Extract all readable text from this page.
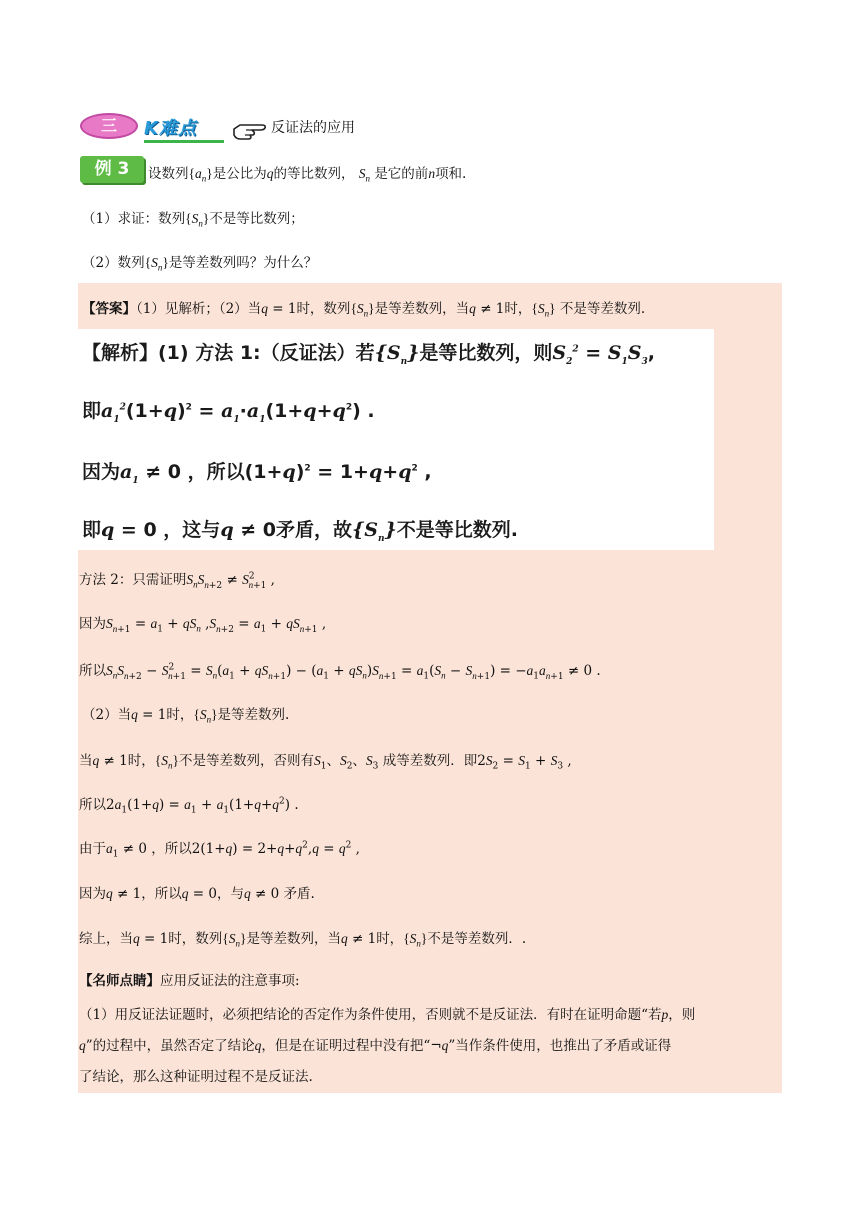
三	K难点	反证法的应用
例 3	设数列$\{a_n\}$是公比为q的等比数列， $S_n$ 是它的前n项和.
（1）求证：数列$\{S_n\}$不是等比数列；
（2）数列$\{S_n\}$是等差数列吗？为什么？
【答案】（1）见解析；（2）当q = 1时，数列$\{S_n\}$是等差数列，当q ≠ 1时，$\{S_n\}$ 不是等差数列.
【解析】(1) 方法 1:（反证法）若$\{S_n\}$是等比数列，则$S_2^2 = S_1S_3$,
即$a_1^2(1+q)^2 = a_1\cdot a_1(1+q+q^2)$ .
因为$a_1 \ne 0$ ，所以$(1+q)^2 = 1+q+q^2$ ,
即q = 0 ，这与q ≠ 0矛盾，故$\{S_n\}$不是等比数列.
方法 2：只需证明$S_nS_{n+2} \ne S^2_{n+1}$ ,
因为$S_{n+1} = a_1 + qS_n$ $,S_{n+2} = a_1 + qS_{n+1}$ ,
所以$S_nS_{n+2} - S^2_{n+1} = S_n(a_1 + qS_{n+1}) - (a_1 + qS_n)S_{n+1} = a_1(S_n - S_{n+1}) = -a_1a_{n+1} \ne 0$ .
（2）当q = 1时，$\{S_n\}$是等差数列.
当q ≠ 1时，$\{S_n\}$不是等差数列，否则有$S_1$、$S_2$、$S_3$ 成等差数列．即$2S_2 = S_1 + S_3$ ,
所以$2a_1(1+q) = a_1 + a_1(1+q+q^2)$ .
由于$a_1 \ne 0$ ，所以$2(1+q) = 2+q+q^2,q = q^2$ ,
因为q ≠ 1，所以q = 0，与q ≠ 0 矛盾.
综上，当q = 1时，数列$\{S_n\}$是等差数列，当q ≠ 1时，$\{S_n\}$不是等差数列．.
【名师点睛】应用反证法的注意事项:
（1）用反证法证题时，必须把结论的否定作为条件使用，否则就不是反证法．有时在证明命题“若p，则
q”的过程中，虽然否定了结论q，但是在证明过程中没有把“¬q”当作条件使用，也推出了矛盾或证得
了结论，那么这种证明过程不是反证法.
